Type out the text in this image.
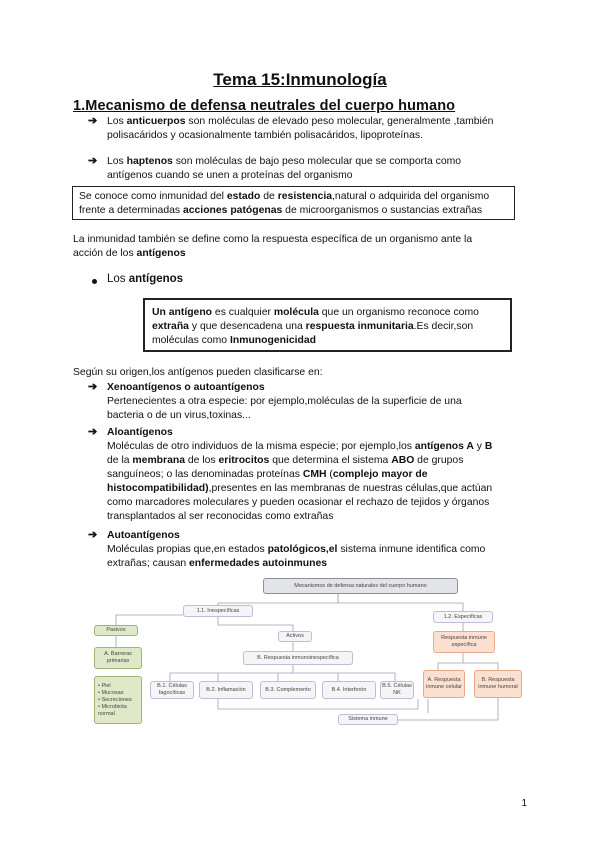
Tema 15:Inmunología
1.Mecanismo de defensa neutrales del cuerpo humano
➔ Los anticuerpos son moléculas de elevado peso molecular, generalmente ,también
polisacáridos y ocasionalmente también polisacáridos, lipoproteínas.
➔ Los haptenos son moléculas de bajo peso molecular que se comporta como
antígenos cuando se unen a proteínas del organismo
Se conoce como inmunidad del estado de resistencia,natural o adquirida del organismo
frente a determinadas acciones patógenas de microorganismos o sustancias extrañas
La inmunidad también se define como la respuesta específica de un organismo ante la
acción de los antígenos
Los antígenos
Un antígeno es cualquier molécula que un organismo reconoce como
extraña y que desencadena una respuesta inmunitaria.Es decir,son
moléculas como Inmunogenicidad
Según su origen,los antígenos pueden clasificarse en:
➔ Xenoantígenos o autoantígenos
Pertenecientes a otra especie: por ejemplo,moléculas de la superficie de una
bacteria o de un virus,toxinas...
➔ Aloantígenos
Moléculas de otro individuos de la misma especie; por ejemplo,los antígenos A y B
de la membrana de los eritrocitos que determina el sistema ABO de grupos
sanguíneos; o las denominadas proteínas CMH (complejo mayor de
histocompatibilidad),presentes en las membranas de nuestras células,que actúan
como marcadores moleculares y pueden ocasionar el rechazo de tejidos y órganos
transplantados al ser reconocidas como extrañas
➔ Autoantígenos
Moléculas propias que,en estados patológicos,el sistema inmune identifica como
extrañas; causan enfermedades autoinmunes
Mecanismos de defensa naturales del cuerpo humano
1.1. Inespecíficas
1.2. Específicas
Pasivos
Activos
A. Barreras primarias
• Piel
• Mucosas
• Secreciones
• Microbiota normal
B. Respuesta inmunoinespecífica
Respuesta inmune específica
A. Respuesta inmune celular
B. Respuesta inmune humoral
B.1. Células fagocíticas
B.2. Inflamación	B.3. Complemento	B.4. Interferón
B.5. Células NK
Sistema inmune
1
